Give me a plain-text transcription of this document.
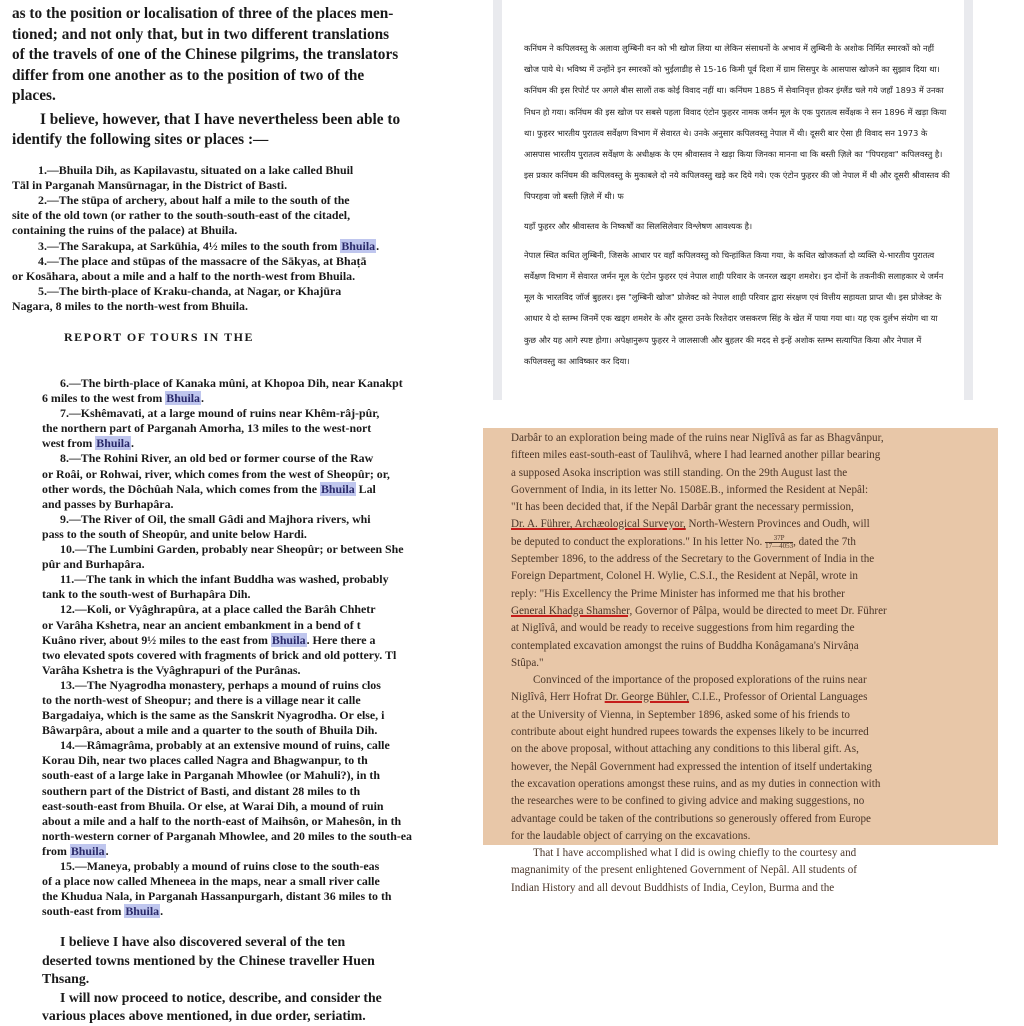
as to the position or localisation of three of the places men-

tioned; and not only that, but in two different translations

of the travels of one of the Chinese pilgrims, the translators

differ from one another as to the position of two of the

places.

I believe, however, that I have nevertheless been able to

identify the following sites or places :—

1.—Bhuila Dih, as Kapilavastu, situated on a lake called Bhuil

Tāl in Parganah Mansūrnagar, in the District of Basti.

2.—The stūpa of archery, about half a mile to the south of the

site of the old town (or rather to the south-south-east of the citadel,

containing the ruins of the palace) at Bhuila.

3.—The Sarakupa, at Sarkūhia, 4½ miles to the south from Bhuila.

4.—The place and stūpas of the massacre of the Sākyas, at Bhaṭā

or Kosāhara, about a mile and a half to the north-west from Bhuila.

5.—The birth-place of Kraku-chanda, at Nagar, or Khajūra

Nagara, 8 miles to the north-west from Bhuila.

कनिंघम ने कपिलवस्तु के अलावा लुम्बिनी वन को भी खोज लिया था लेकिन संसाधनों के अभाव में लुम्बिनी के अशोक निर्मित स्मारकों को नहीं खोज पाये थे। भविष्य में उन्होंने इन स्मारकों को भुईलाडीह से 15-16 किमी पूर्व दिशा में ग्राम सिसपुर के आसपास खोजने का सुझाव दिया था। कनिंघम की इस रिपोर्ट पर अगले बीस सालों तक कोई विवाद नहीं था। कनिंघम 1885 में सेवानिवृत्त होकर इंग्लैंड चले गये जहाँ 1893 में उनका निधन हो गया। कनिंघम की इस खोज पर सबसे पहला विवाद एंटोन फुहरर नामक जर्मन मूल के एक पुरातत्व सर्वेक्षक ने सन 1896 में खड़ा किया था। फुहरर भारतीय पुरातत्व सर्वेक्षण विभाग में सेवारत थे। उनके अनुसार कपिलवस्तु नेपाल में थी। दूसरी बार ऐसा ही विवाद सन 1973 के आसपास भारतीय पुरातत्व सर्वेक्षण के अधीक्षक के एम श्रीवास्तव ने खड़ा किया जिनका मानना था कि बस्ती ज़िले का "पिपरहवा" कपिलवस्तु है। इस प्रकार कनिंघम की कपिलवस्तु के मुकाबले दो नये कपिलवस्तु खड़े कर दिये गये। एक एंटोन फुहरर की जो नेपाल में थी और दूसरी श्रीवास्तव की पिपरहवा जो बस्ती ज़िले में थी। फ

यहाँ फुहरर और श्रीवास्तव के निष्कर्षों का सिलसिलेवार विश्लेषण आवश्यक है।

नेपाल स्थित कथित लुम्बिनी, जिसके आधार पर वहाँ कपिलवस्तु को चिन्हांकित किया गया, के कथित खोजकर्ता दो व्यक्ति थे-भारतीय पुरातत्व सर्वेक्षण विभाग में सेवारत जर्मन मूल के एंटोन फुहरर एवं नेपाल शाही परिवार के जनरल खड्ग शमशेर। इन दोनों के तकनीकी सलाहकार थे जर्मन मूल के भारतविद जॉर्ज बुहलर। इस "लुम्बिनी खोज" प्रोजेक्ट को नेपाल शाही परिवार द्वारा संरक्षण एवं वित्तीय सहायता प्राप्त थी। इस प्रोजेक्ट के आधार ये दो स्तम्भ जिनमें एक खड्ग शमशेर के और दूसरा उनके रिश्तेदार जसकरण सिंह के खेत में पाया गया था। यह एक दुर्लभ संयोग था या कुछ और यह आगे स्पष्ट होगा। अपेक्षानुरूप फुहरर ने जालसाजी और बुहलर की मदद से इन्हें अशोक स्तम्भ सत्यापित किया और नेपाल में कपिलवस्तु का आविष्कार कर दिया।

REPORT OF TOURS IN THE
6.—The birth-place of Kanaka mûni, at Khopoa Dih, near Kanakpt
6 miles to the west from Bhuila.
7.—Kshêmavati, at a large mound of ruins near Khêm-râj-pûr,
the northern part of Parganah Amorha, 13 miles to the west-nort
west from Bhuila.
8.—The Rohini River, an old bed or former course of the Raw
or Roâi, or Rohwai, river, which comes from the west of Sheopûr; or,
other words, the Dôchûah Nala, which comes from the Bhuila Lal
and passes by Burhapâra.
9.—The River of Oil, the small Gâdi and Majhora rivers, whi
pass to the south of Sheopûr, and unite below Hardi.
10.—The Lumbini Garden, probably near Sheopûr; or between She
pûr and Burhapâra.
11.—The tank in which the infant Buddha was washed, probably
tank to the south-west of Burhapâra Dih.
12.—Koli, or Vyâghrapûra, at a place called the Barâh Chhetr
or Varâha Kshetra, near an ancient embankment in a bend of t
Kuâno river, about 9½ miles to the east from Bhuila. Here there a
two elevated spots covered with fragments of brick and old pottery. Tl
Varâha Kshetra is the Vyâghrapuri of the Purânas.
13.—The Nyagrodha monastery, perhaps a mound of ruins clos
to the north-west of Sheopur; and there is a village near it calle
Bargadaiya, which is the same as the Sanskrit Nyagrodha. Or else, i
Bâwarpâra, about a mile and a quarter to the south of Bhuila Dih.
14.—Râmagrâma, probably at an extensive mound of ruins, calle
Korau Dih, near two places called Nagra and Bhagwanpur, to th
south-east of a large lake in Parganah Mhowlee (or Mahuli?), in th
southern part of the District of Basti, and distant 28 miles to th
east-south-east from Bhuila. Or else, at Warai Dih, a mound of ruin
about a mile and a half to the north-east of Maihsôn, or Mahesôn, in th
north-western corner of Parganah Mhowlee, and 20 miles to the south-ea
from Bhuila.
15.—Maneya, probably a mound of ruins close to the south-eas
of a place now called Mheneea in the maps, near a small river calle
the Khudua Nala, in Parganah Hassanpurgarh, distant 36 miles to th
south-east from Bhuila.
I believe I have also discovered several of the ten
deserted towns mentioned by the Chinese traveller Huen
Thsang.
I will now proceed to notice, describe, and consider the
various places above mentioned, in due order, seriatim.
Darbâr to an exploration being made of the ruins near Niglîvâ as far as Bhagvânpur,
fifteen miles east-south-east of Taulihvâ, where I had learned another pillar bearing
a supposed Asoka inscription was still standing. On the 29th August last the
Government of India, in its letter No. 1508E.B., informed the Resident at Nepâl:
"It has been decided that, if the Nepâl Darbâr grant the necessary permission,
Dr. A. Führer, Archæological Surveyor, North-Western Provinces and Oudh, will
be deputed to conduct the explorations." In his letter No. $\frac{37P}{17—4053}$ , dated the 7th
September 1896, to the address of the Secretary to the Government of India in the
Foreign Department, Colonel H. Wylie, C.S.I., the Resident at Nepâl, wrote in
reply: "His Excellency the Prime Minister has informed me that his brother
General Khadga Shamsher, Governor of Pâlpa, would be directed to meet Dr. Führer
at Niglîvâ, and would be ready to receive suggestions from him regarding the
contemplated excavation amongst the ruins of Buddha Konâgamana's Nirvâṇa
Stûpa."
Convinced of the importance of the proposed explorations of the ruins near
Niglîvâ, Herr Hofrat Dr. George Bühler, C.I.E., Professor of Oriental Languages
at the University of Vienna, in September 1896, asked some of his friends to
contribute about eight hundred rupees towards the expenses likely to be incurred
on the above proposal, without attaching any conditions to this liberal gift. As,
however, the Nepâl Government had expressed the intention of itself undertaking
the excavation operations amongst these ruins, and as my duties in connection with
the researches were to be confined to giving advice and making suggestions, no
advantage could be taken of the contributions so generously offered from Europe
for the laudable object of carrying on the excavations.
That I have accomplished what I did is owing chiefly to the courtesy and
magnanimity of the present enlightened Government of Nepâl. All students of
Indian History and all devout Buddhists of India, Ceylon, Burma and the
